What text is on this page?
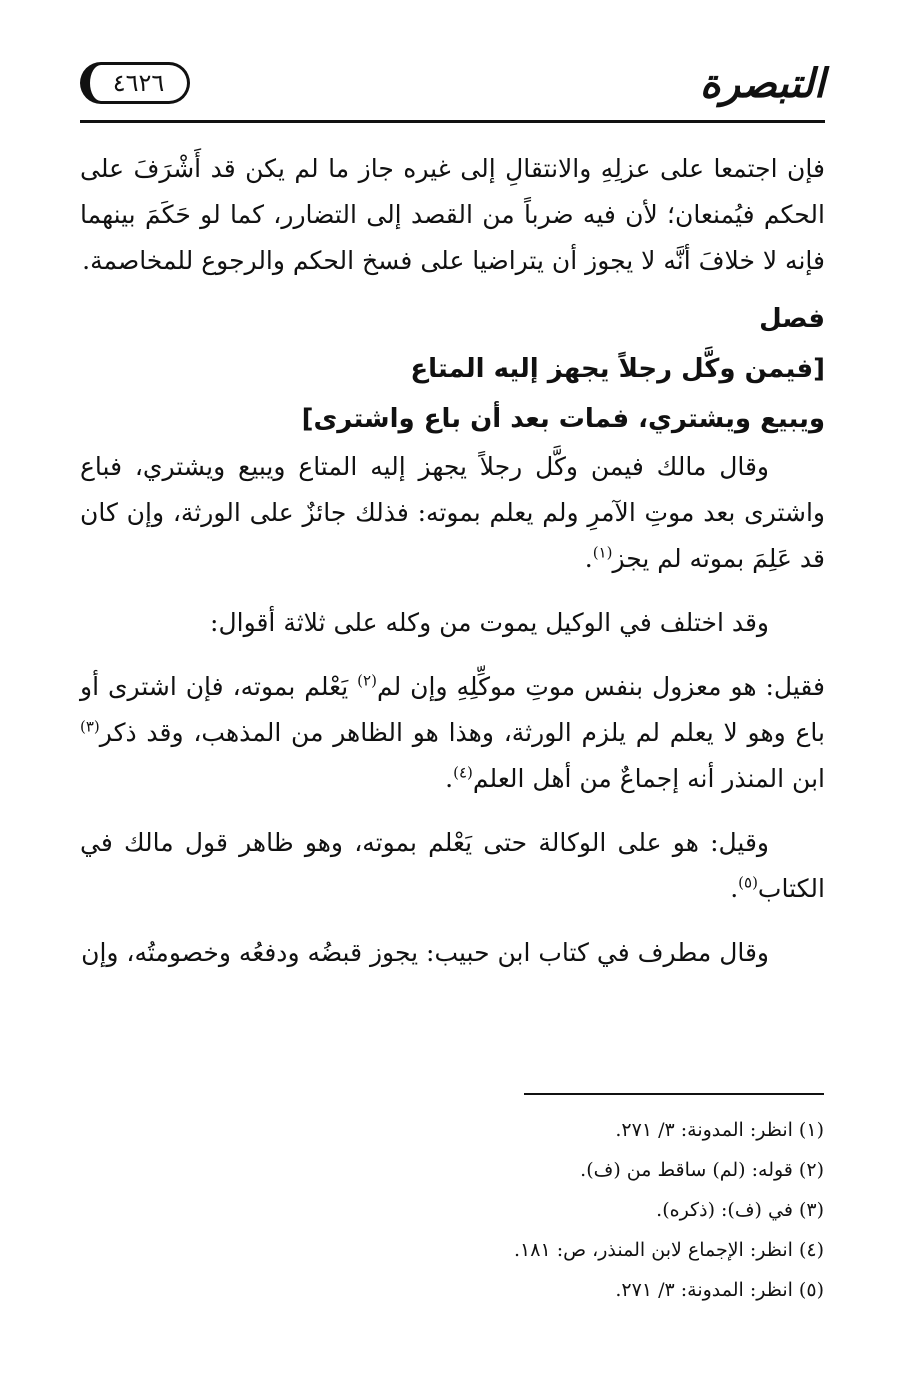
التبصرة
٤٦٢٦

فإن اجتمعا على عزلِهِ والانتقالِ إلى غيره جاز ما لم يكن قد أَشْرَفَ على الحكم فيُمنعان؛ لأن فيه ضرباً من القصد إلى التضارر، كما لو حَكَمَ بينهما فإنه لا خلافَ أنَّه لا يجوز أن يتراضيا على فسخ الحكم والرجوع للمخاصمة.

فصل
[فيمن وكَّل رجلاً يجهز إليه المتاع
ويبيع ويشتري، فمات بعد أن باع واشترى]

وقال مالك فيمن وكَّل رجلاً يجهز إليه المتاع ويبيع ويشتري، فباع واشترى بعد موتِ الآمرِ ولم يعلم بموته: فذلك جائزٌ على الورثة، وإن كان قد عَلِمَ بموته لم يجز$^{(١)}$.

وقد اختلف في الوكيل يموت من وكله على ثلاثة أقوال:

فقيل: هو معزول بنفس موتِ موكِّلِهِ وإن لم$^{(٢)}$ يَعْلم بموته، فإن اشترى أو باع وهو لا يعلم لم يلزم الورثة، وهذا هو الظاهر من المذهب، وقد ذكر$^{(٣)}$ ابن المنذر أنه إجماعٌ من أهل العلم$^{(٤)}$.

وقيل: هو على الوكالة حتى يَعْلم بموته، وهو ظاهر قول مالك في الكتاب$^{(٥)}$.

وقال مطرف في كتاب ابن حبيب: يجوز قبضُه ودفعُه وخصومتُه، وإن

(١) انظر: المدونة: ٣/ ٢٧١.

(٢) قوله: (لم) ساقط من (ف).

(٣) في (ف): (ذكره).

(٤) انظر: الإجماع لابن المنذر، ص: ١٨١.

(٥) انظر: المدونة: ٣/ ٢٧١.
